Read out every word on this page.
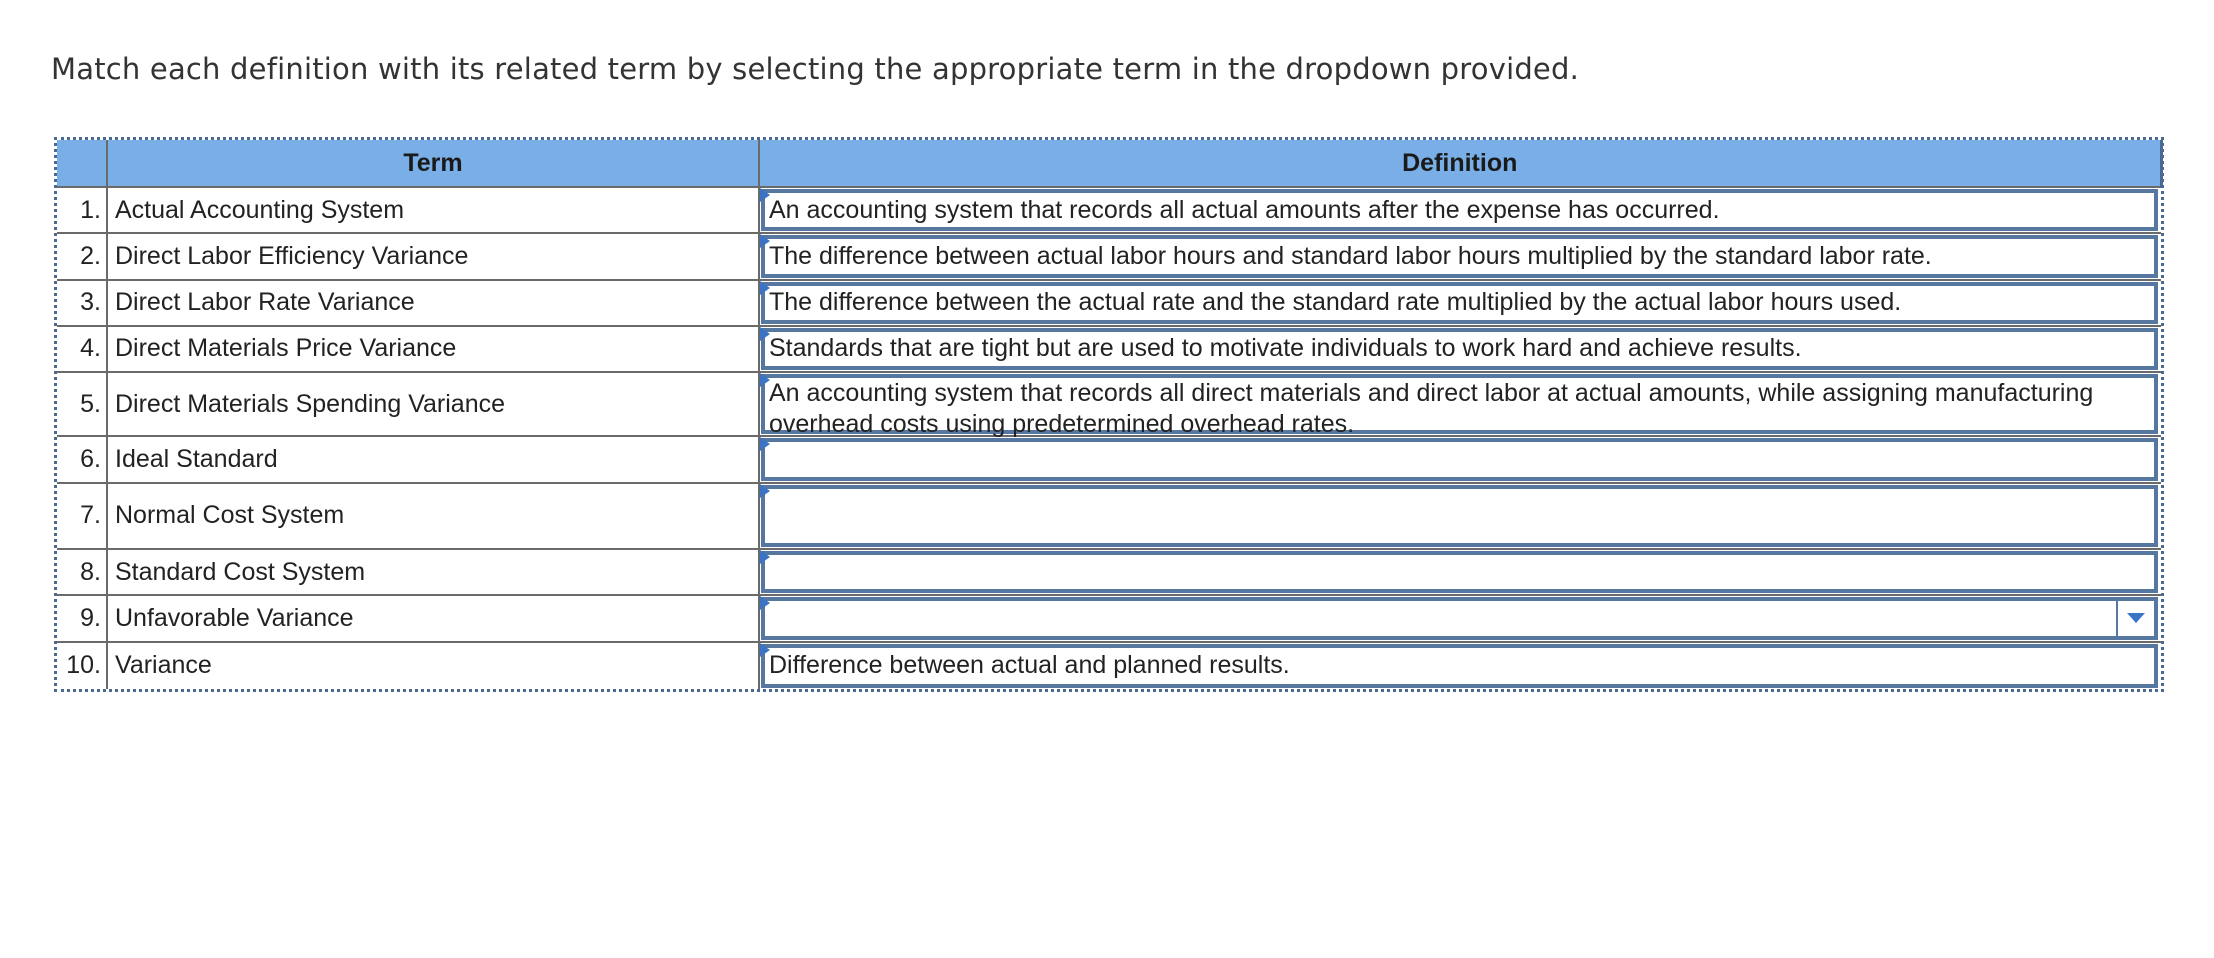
Match each definition with its related term by selecting the appropriate term in the dropdown provided.
	Term	Definition
1.	Actual Accounting System	An accounting system that records all actual amounts after the expense has occurred.

2.	Direct Labor Efficiency Variance	The difference between actual labor hours and standard labor hours multiplied by the standard labor rate.

3.	Direct Labor Rate Variance	The difference between the actual rate and the standard rate multiplied by the actual labor hours used.

4.	Direct Materials Price Variance	Standards that are tight but are used to motivate individuals to work hard and achieve results.

5.	Direct Materials Spending Variance	An accounting system that records all direct materials and direct labor at actual amounts, while assigning manufacturing overhead costs using predetermined overhead rates.

6.	Ideal Standard	

7.	Normal Cost System	

8.	Standard Cost System	

9.	Unfavorable Variance	

10.	Variance	Difference between actual and planned results.
